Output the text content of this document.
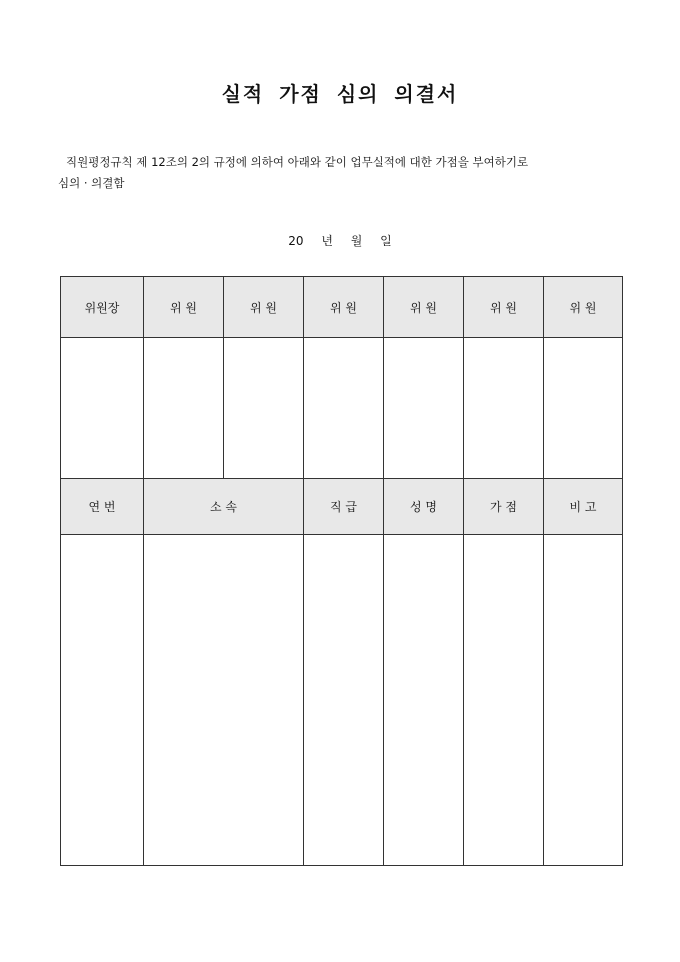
실적 가점 심의 의결서
직원평정규칙 제 12조의 2의 규정에 의하여 아래와 같이 업무실적에 대한 가점을 부여하기로
심의 · 의결함
20 년 월 일
위원장	위 원	위 원	위 원	위 원	위 원	위 원

연 번	소 속		직 급	성 명	가 점	비 고
